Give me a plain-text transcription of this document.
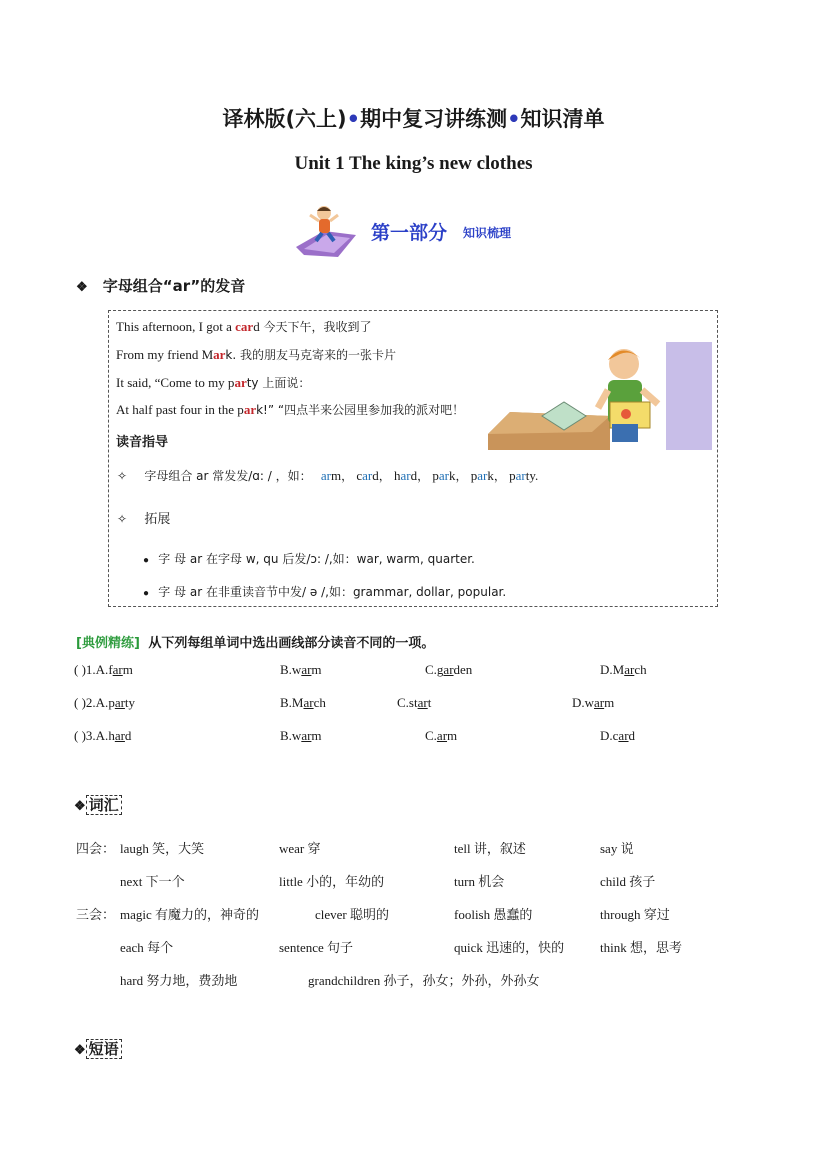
译林版(六上)•期中复习讲练测•知识清单
Unit 1 The king’s new clothes
第一部分 知识梳理
❖ 字母组合“ar”的发音
This afternoon, I got a card 今天下午，我收到了
From my friend Mark. 我的朋友马克寄来的一张卡片
It said, “Come to my party 上面说：
At half past four in the park!” “四点半来公园里参加我的派对吧！
读音指导
✧ 字母组合 ar 常发发/ɑ: / ，如： arm， card， hard， park， park， party.
✧ 拓展
● 字 母 ar 在字母 w, qu 后发/ɔ: /,如：war, warm, quarter.
● 字 母 ar 在非重读音节中发/ ə /,如：grammar, dollar, popular.
[典例精练] 从下列每组单词中选出画线部分读音不同的一项。
( )1.A.farm	B.warm	C.garden	D.March
( )2.A.party	B.March	C.start	D.warm
( )3.A.hard	B.warm	C.arm	D.card
❖ 词汇
四会： laugh 笑，大笑	wear 穿	tell 讲，叙述	say 说
next 下一个	little 小的，年幼的	turn 机会	child 孩子
三会： magic 有魔力的，神奇的	clever 聪明的	foolish 愚蠢的	through 穿过
each 每个	sentence 句子	quick 迅速的，快的	think 想，思考
hard 努力地，费劲地	grandchildren 孙子，孙女；外孙，外孙女
❖ 短语
